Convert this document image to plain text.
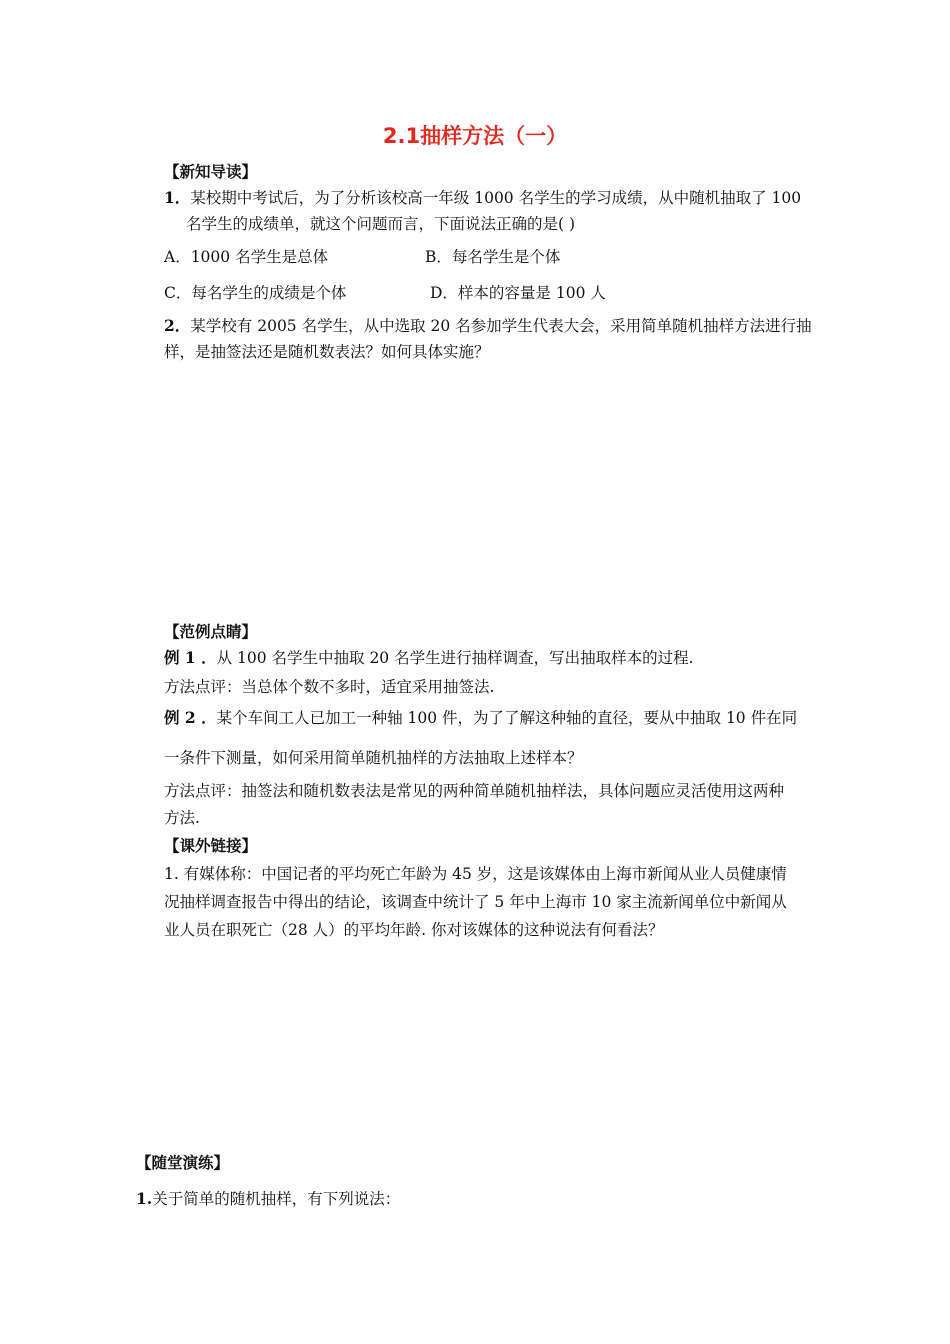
2.1抽样方法（一）
【新知导读】
1．某校期中考试后，为了分析该校高一年级 1000 名学生的学习成绩，从中随机抽取了 100
名学生的成绩单，就这个问题而言，下面说法正确的是( )
A．1000 名学生是总体	B．每名学生是个体
C．每名学生的成绩是个体	D．样本的容量是 100 人
2．某学校有 2005 名学生，从中选取 20 名参加学生代表大会，采用简单随机抽样方法进行抽
样，是抽签法还是随机数表法？如何具体实施？
【范例点睛】
例 1 ．从 100 名学生中抽取 20 名学生进行抽样调查，写出抽取样本的过程.
方法点评：当总体个数不多时，适宜采用抽签法.
例 2 ．某个车间工人已加工一种轴 100 件，为了了解这种轴的直径，要从中抽取 10 件在同
一条件下测量，如何采用简单随机抽样的方法抽取上述样本？
方法点评：抽签法和随机数表法是常见的两种简单随机抽样法，具体问题应灵活使用这两种
方法.
【课外链接】
1. 有媒体称：中国记者的平均死亡年龄为 45 岁，这是该媒体由上海市新闻从业人员健康情
况抽样调查报告中得出的结论，该调查中统计了 5 年中上海市 10 家主流新闻单位中新闻从
业人员在职死亡（28 人）的平均年龄. 你对该媒体的这种说法有何看法？
【随堂演练】
1.关于简单的随机抽样，有下列说法：
